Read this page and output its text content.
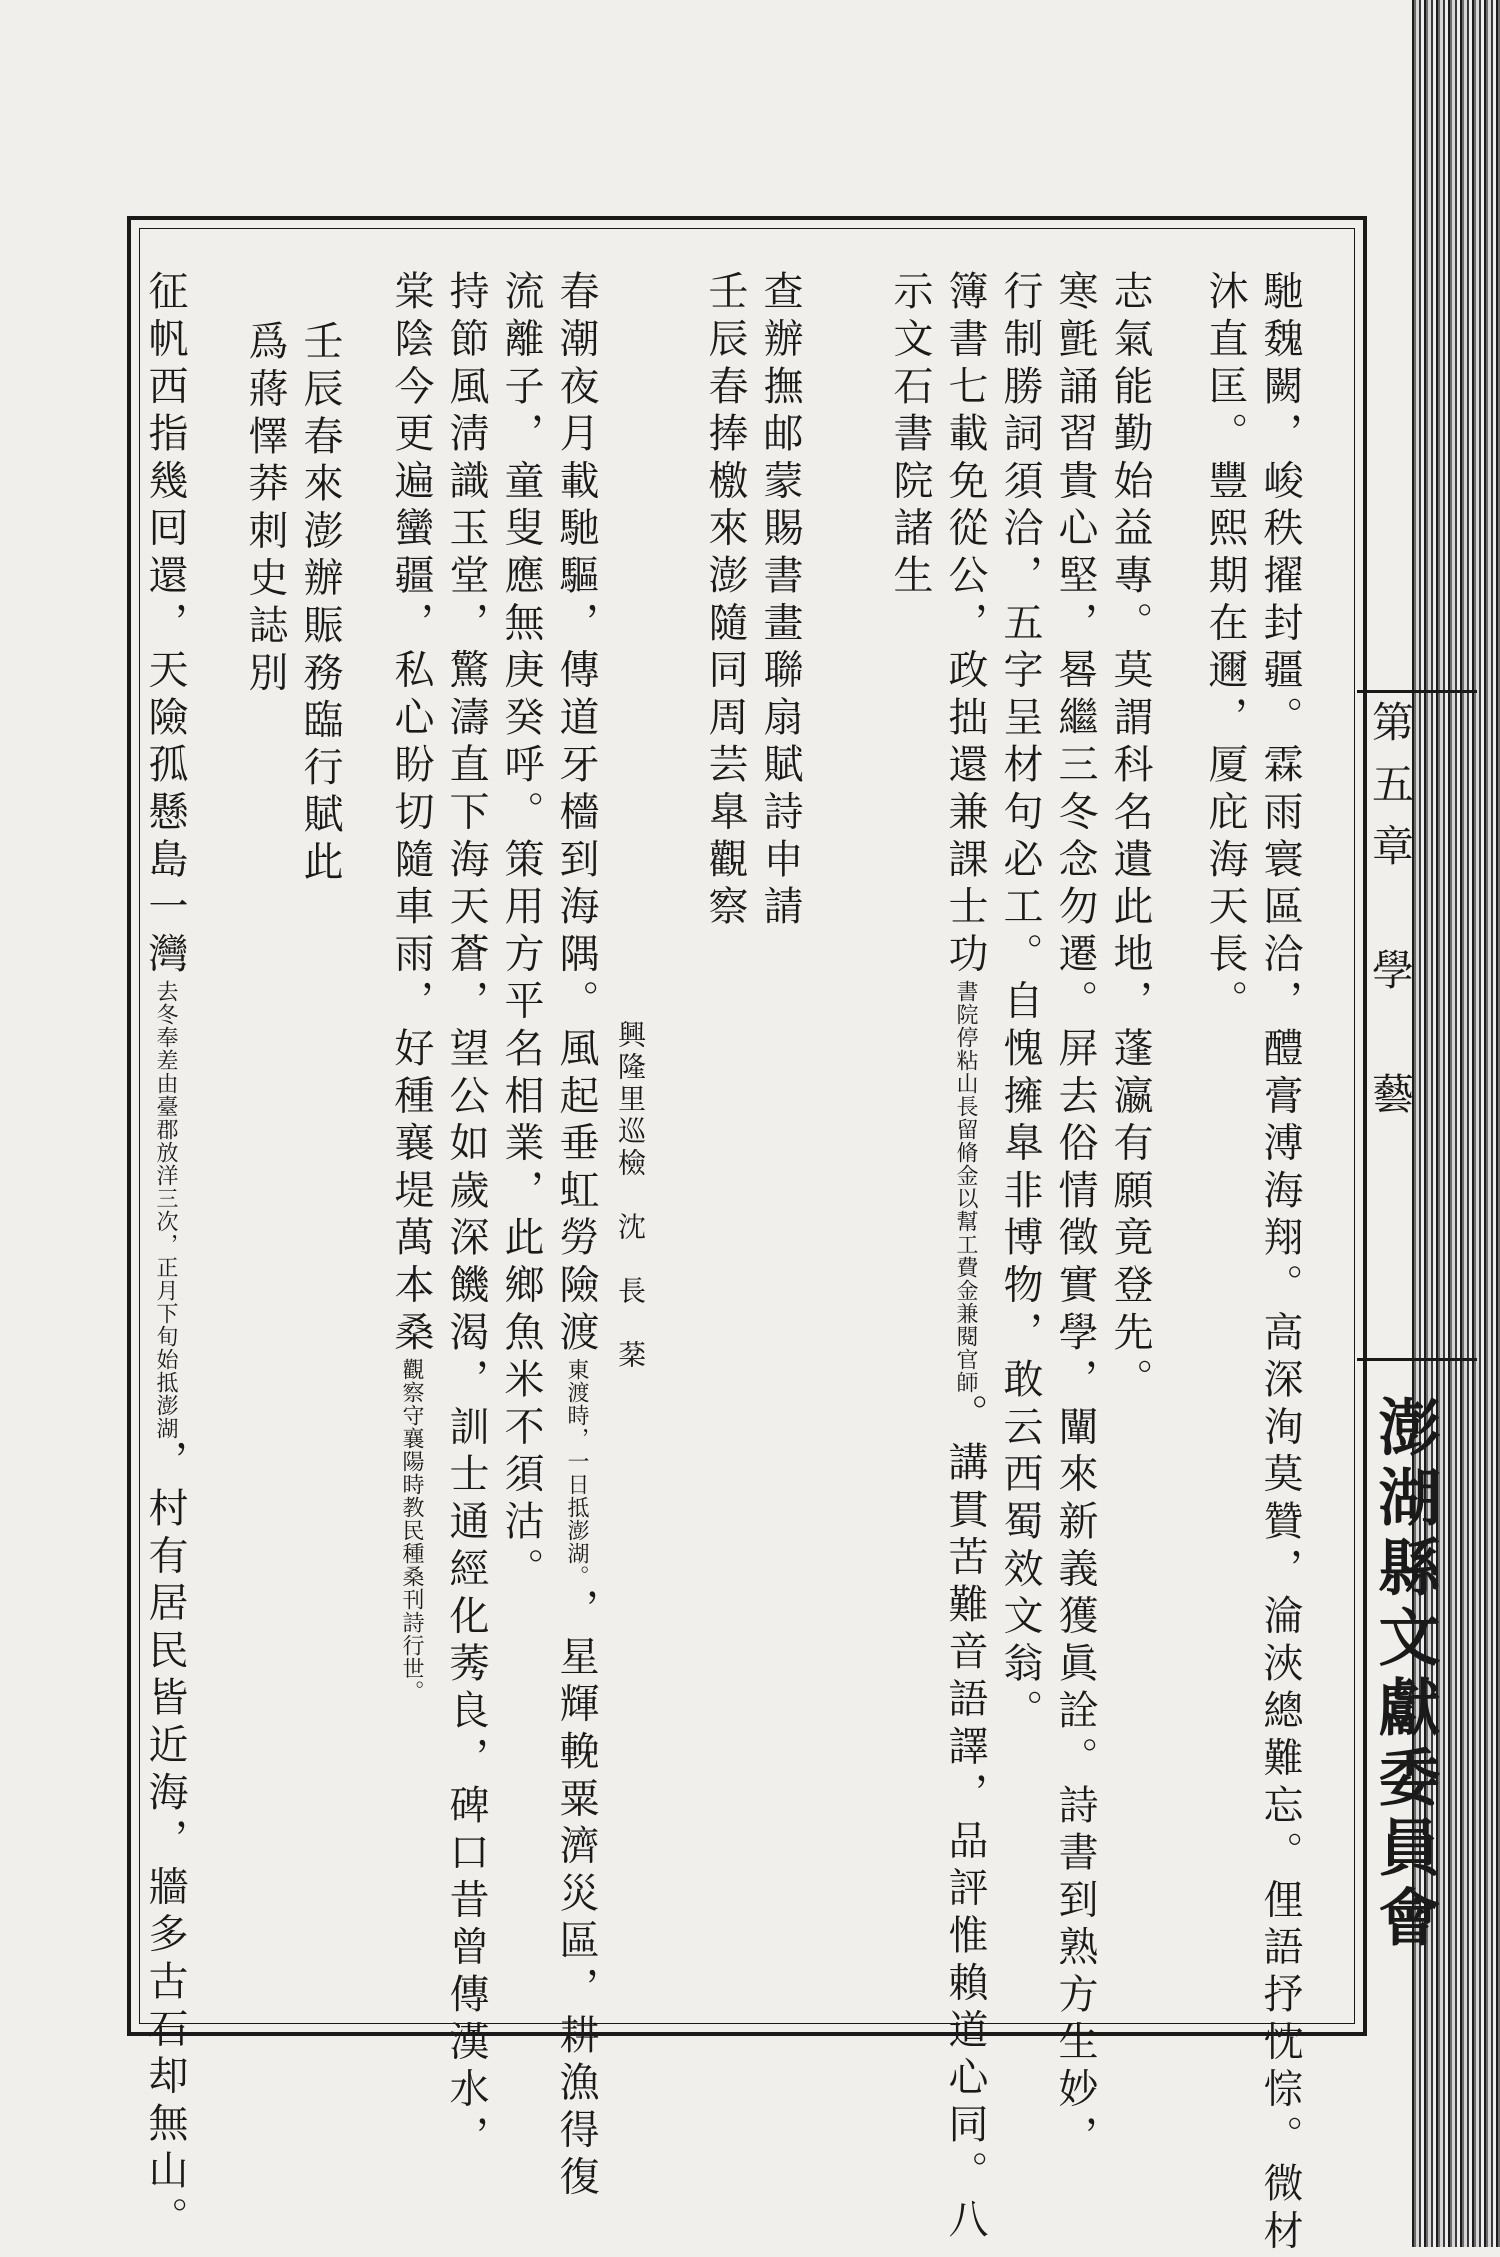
第五章　學　藝
澎湖縣文獻委員會
馳魏闕，峻秩擢封疆。霖雨寰區洽，醴膏溥海翔。高深洵莫贊，淪浹總難忘。俚語抒忱悰。微材
沐直匡。豐熙期在邇，厦庇海天長。
志氣能勤始益專。莫謂科名遺此地，蓬瀛有願竟登先。
寒氈誦習貴心堅，晷繼三冬念勿遷。屏去俗情徵實學，闡來新義獲眞詮。詩書到熟方生妙，
行制勝詞須洽，五字呈材句必工。自愧擁臯非博物，敢云西蜀效文翁。
簿書七載免從公，政拙還兼課士功書院停粘山長留脩金以幫工費金兼閱官師。講貫苦難音語譯，品評惟賴道心同。八
示文石書院諸生
查辦撫邮蒙賜書畫聯扇賦詩申請
壬辰春捧檄來澎隨同周芸臯觀察
興隆里巡檢　沈　長　棻
春潮夜月載馳驅，傳道牙檣到海隅。風起垂虹勞險渡東渡時，一日抵澎湖。，星輝輓粟濟災區，耕漁得復
流離子，童叟應無庚癸呼。策用方平名相業，此鄉魚米不須沽。
持節風淸識玉堂，驚濤直下海天蒼，望公如歲深饑渴，訓士通經化莠良，碑口昔曾傳漢水，
棠陰今更遍蠻疆，私心盼切隨車雨，好種襄堤萬本桑觀察守襄陽時教民種桑刊詩行世。
壬辰春來澎辦賑務臨行賦此
爲蔣懌莽刺史誌別
征帆西指幾囘還，天險孤懸島一灣去冬奉差由臺郡放洋三次，正月下旬始抵澎湖，村有居民皆近海，牆多古石却無山。
